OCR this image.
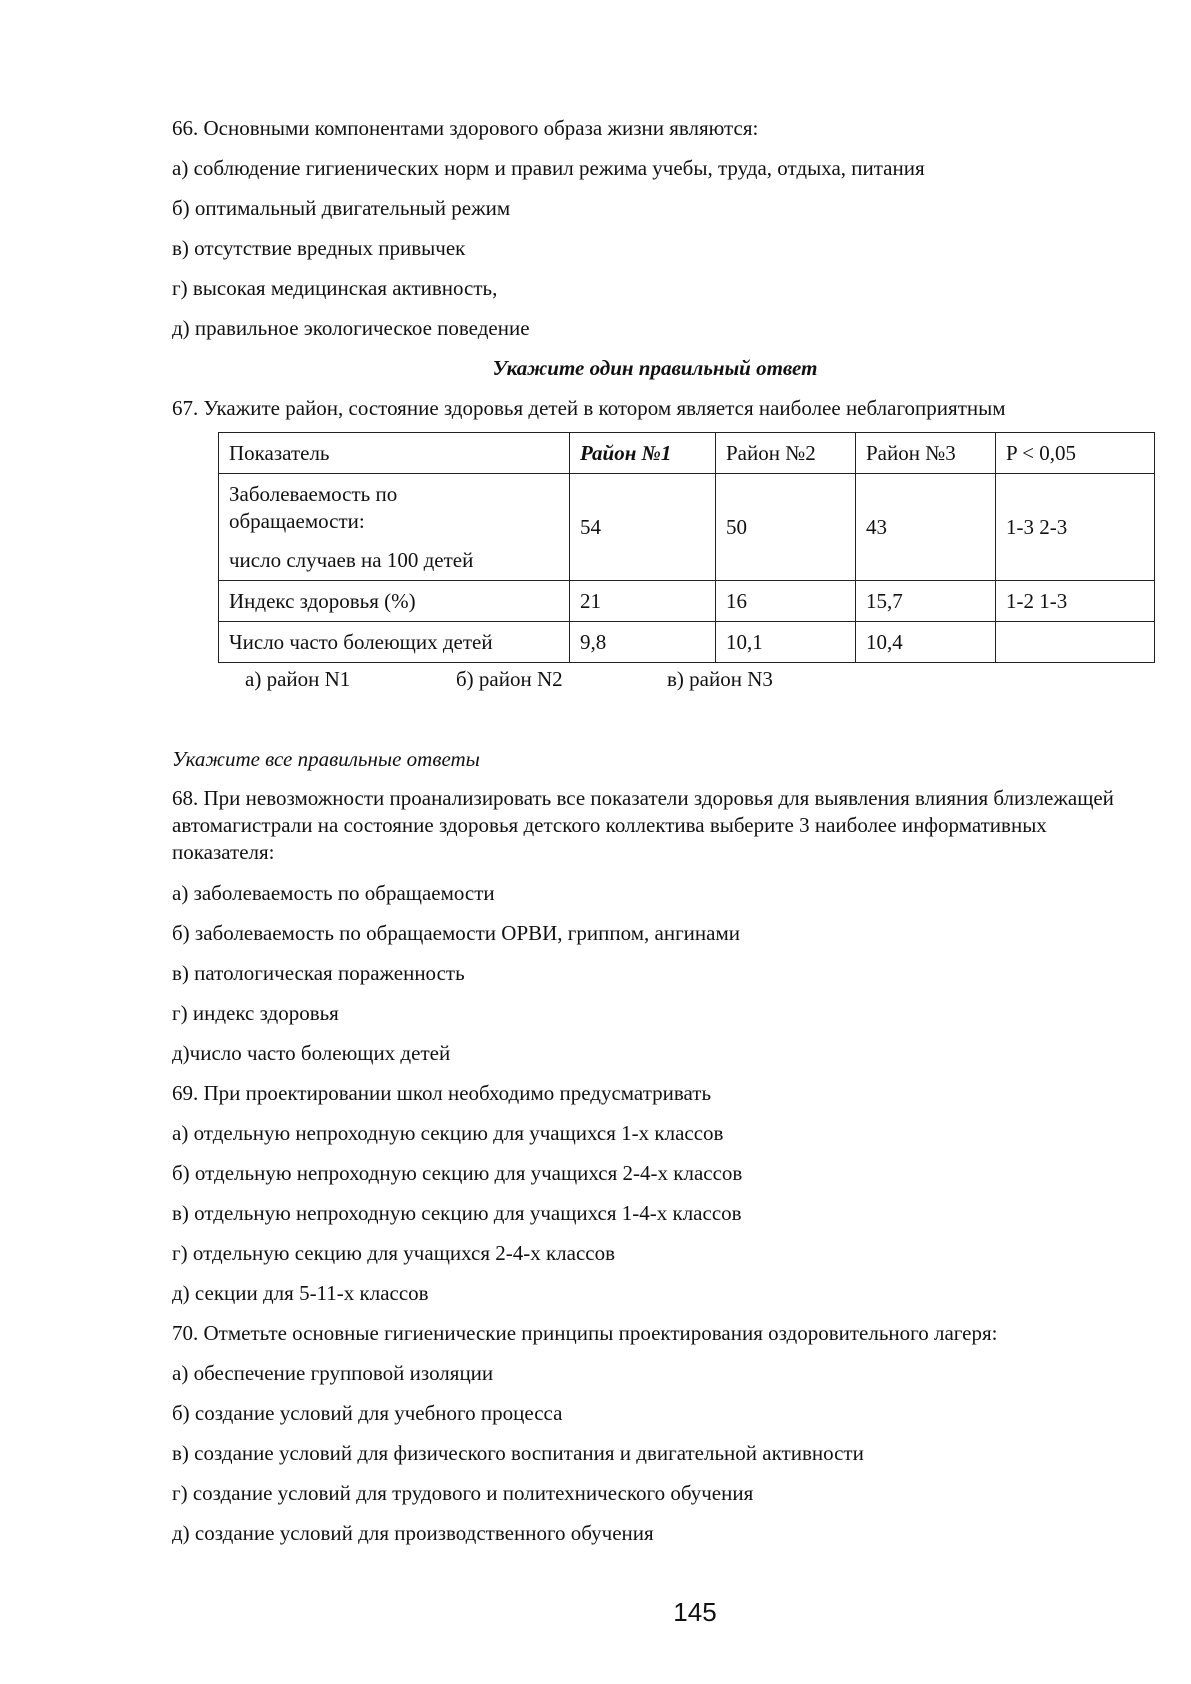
66. Основными компонентами здорового образа жизни являются:
а) соблюдение гигиенических норм и правил режима учебы, труда, отдыха, питания
б) оптимальный двигательный режим
в) отсутствие вредных привычек
г) высокая медицинская активность,
д) правильное экологическое поведение
Укажите один правильный ответ
67. Укажите район, состояние здоровья детей в котором является наиболее неблагоприятным
Показатель	Район №1	Район №2	Район №3	P < 0,05

Заболеваемость по
обращаемости:
число случаев на 100 детей	54	50	43	1-3 2-3
Индекс здоровья (%)	21	16	15,7	1-2 1-3
Число часто болеющих детей	9,8	10,1	10,4	
а) район N1	б) район N2	в) район N3
Укажите все правильные ответы
68. При невозможности проанализировать все показатели здоровья для выявления влияния близлежащей автомагистрали на состояние здоровья детского коллектива выберите 3 наиболее информативных показателя:
а) заболеваемость по обращаемости
б) заболеваемость по обращаемости ОРВИ, гриппом, ангинами
в) патологическая пораженность
г) индекс здоровья
д)число часто болеющих детей
69. При проектировании школ необходимо предусматривать
а) отдельную непроходную секцию для учащихся 1-х классов
б) отдельную непроходную секцию для учащихся 2-4-х классов
в) отдельную непроходную секцию для учащихся 1-4-х классов
г) отдельную секцию для учащихся 2-4-х классов
д) секции для 5-11-х классов
70. Отметьте основные гигиенические принципы проектирования оздоровительного лагеря:
а) обеспечение групповой изоляции
б) создание условий для учебного процесса
в) создание условий для физического воспитания и двигательной активности
г) создание условий для трудового и политехнического обучения
д) создание условий для производственного обучения
145
